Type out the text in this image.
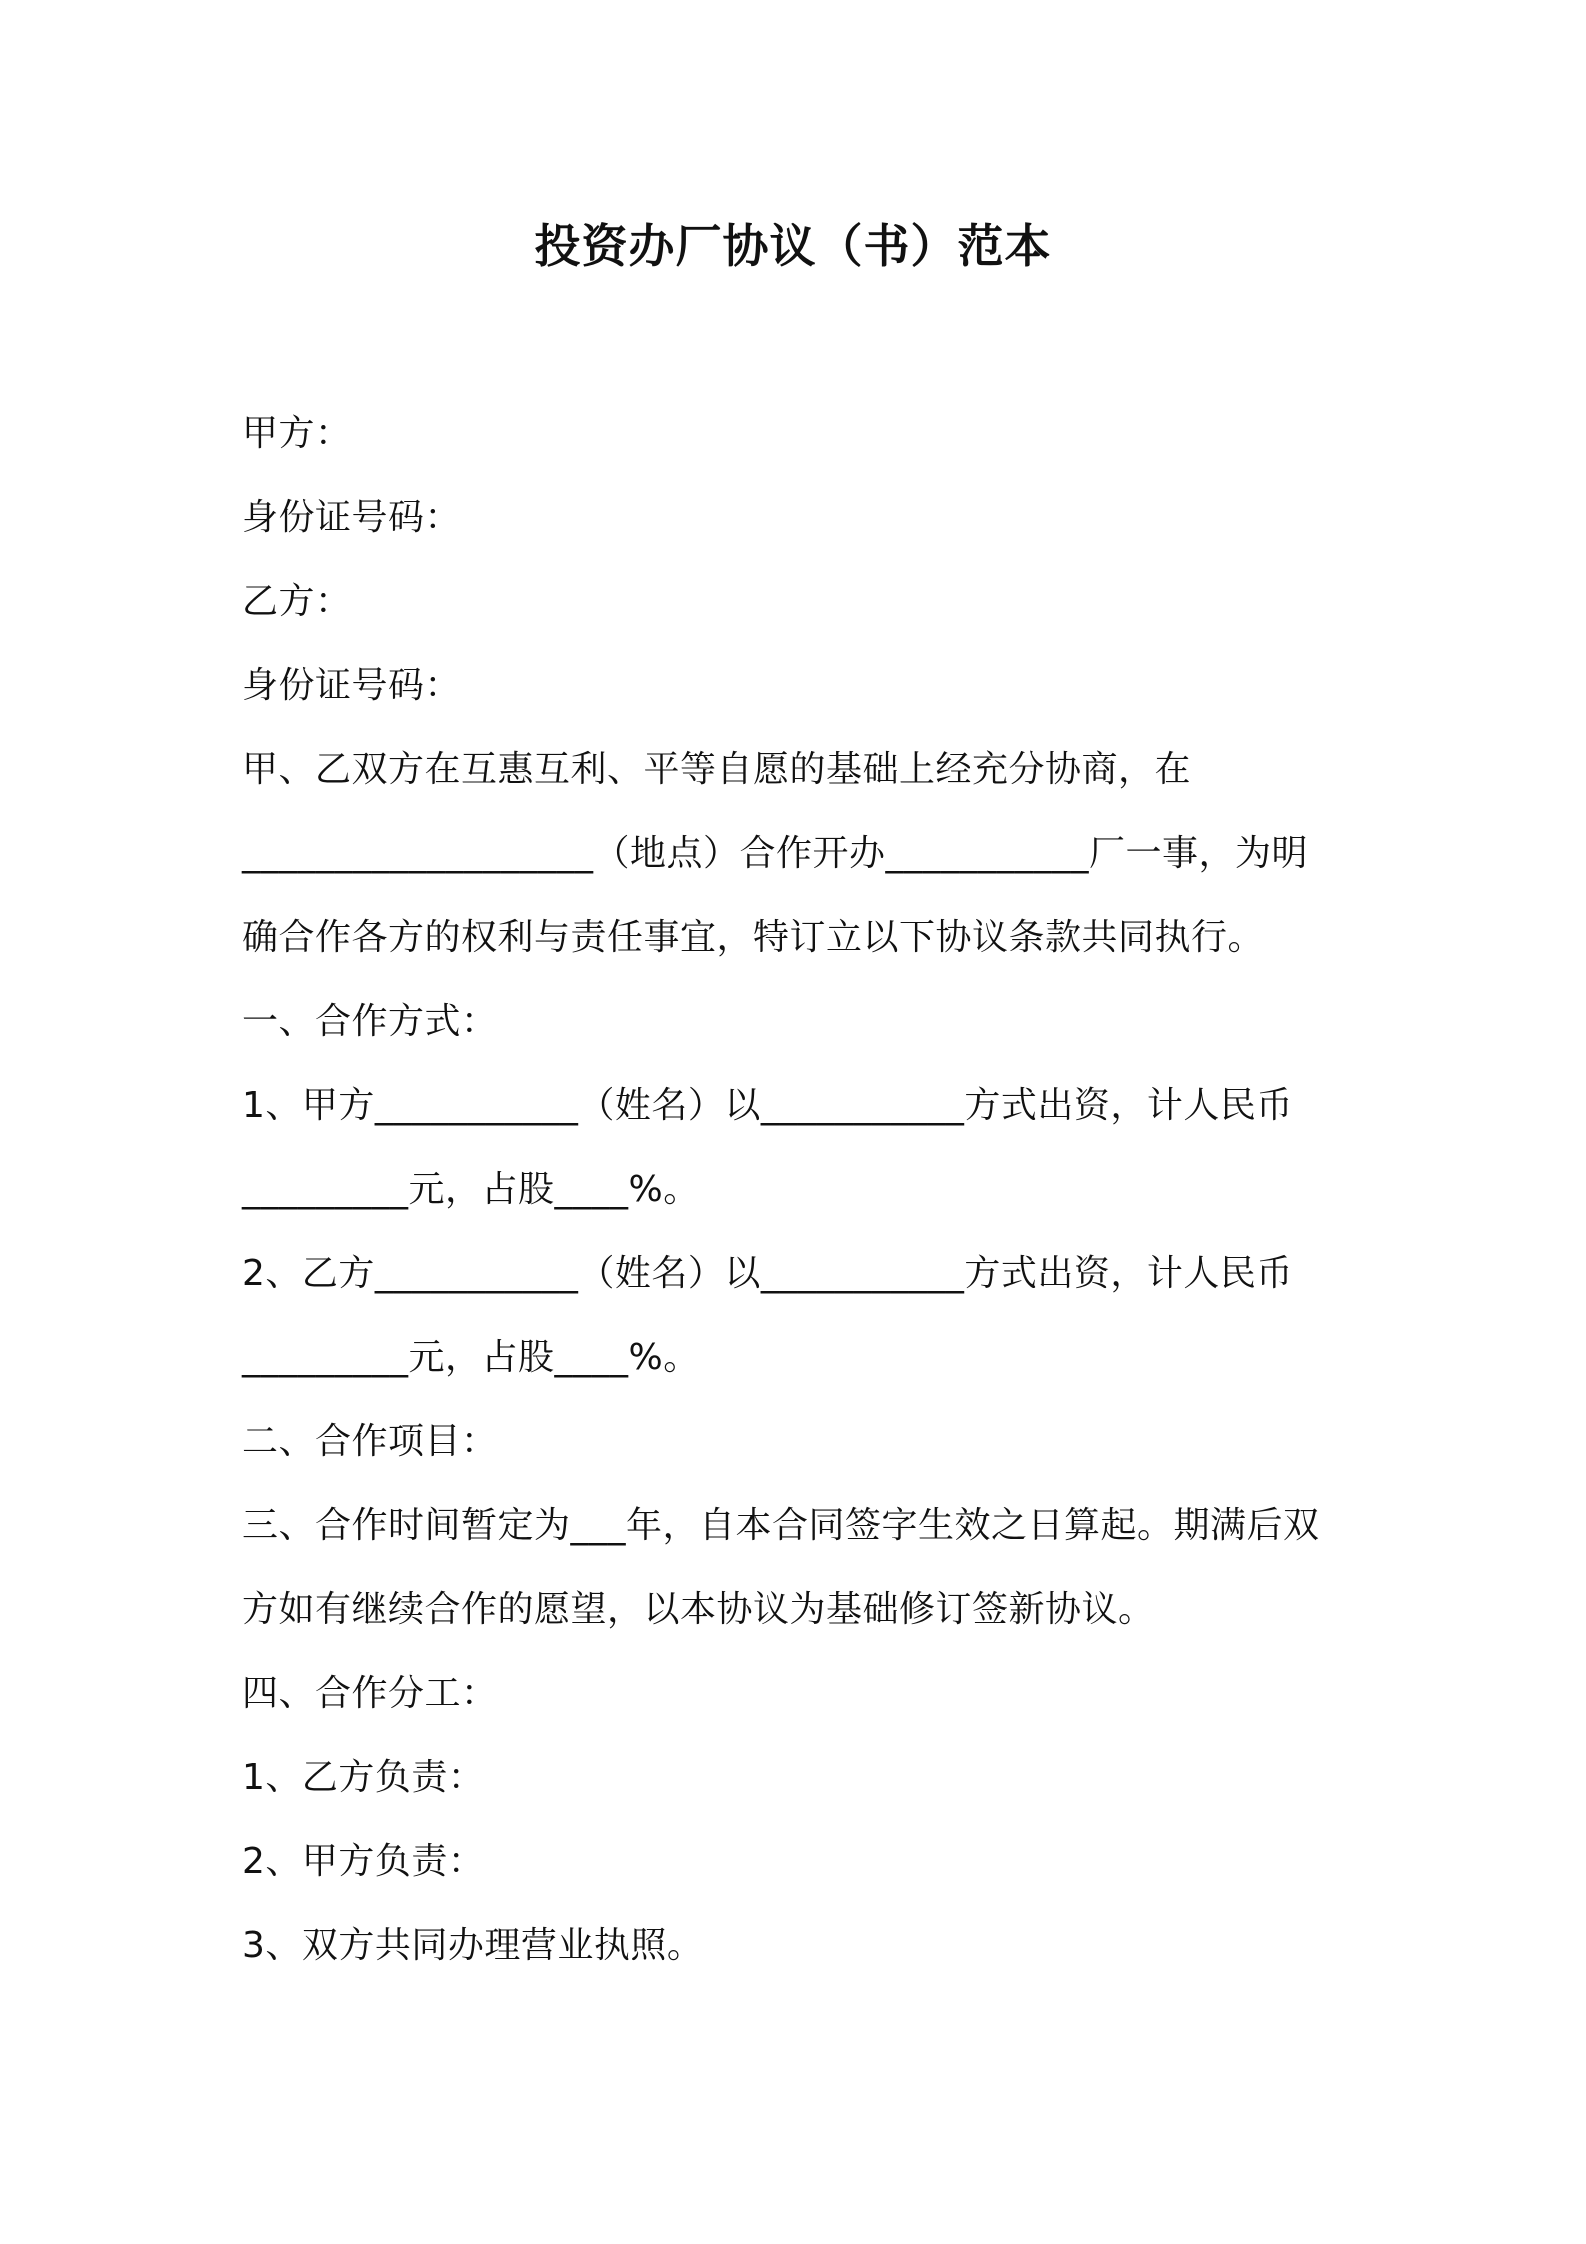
投资办厂协议（书）范本
甲方：
身份证号码：
乙方：
身份证号码：
甲、乙双方在互惠互利、平等自愿的基础上经充分协商，在
___________________（地点）合作开办___________厂一事，为明
确合作各方的权利与责任事宜，特订立以下协议条款共同执行。
一、合作方式：
1、甲方___________（姓名）以___________方式出资，计人民币
_________元，占股____%。
2、乙方___________（姓名）以___________方式出资，计人民币
_________元，占股____%。
二、合作项目：
三、合作时间暂定为___年，自本合同签字生效之日算起。期满后双
方如有继续合作的愿望，以本协议为基础修订签新协议。
四、合作分工：
1、乙方负责：
2、甲方负责：
3、双方共同办理营业执照。
